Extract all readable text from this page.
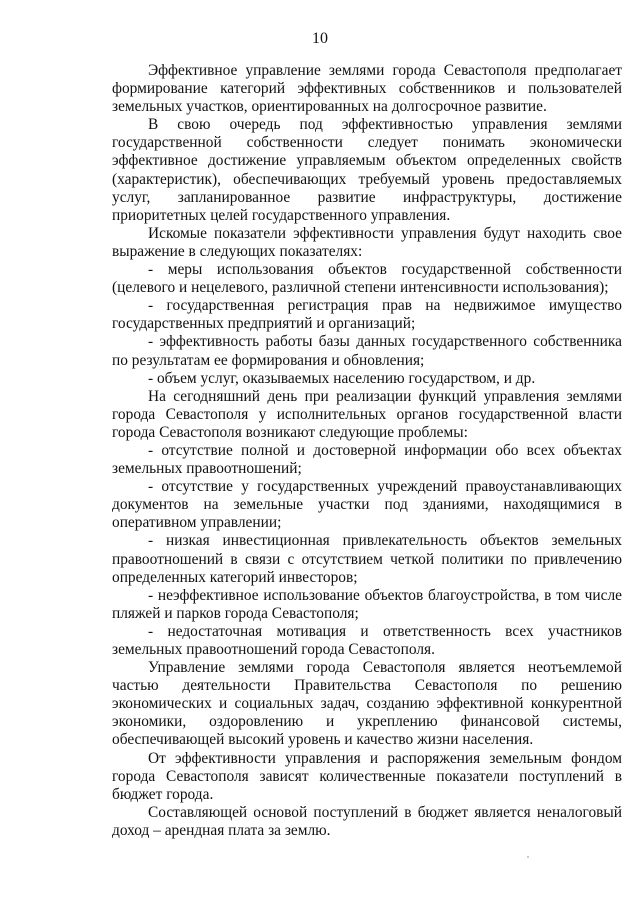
10

Эффективное управление землями города Севастополя предполагает формирование категорий эффективных собственников и пользователей земельных участков, ориентированных на долгосрочное развитие.

В свою очередь под эффективностью управления землями государственной собственности следует понимать экономически эффективное достижение управляемым объектом определенных свойств (характеристик), обеспечивающих требуемый уровень предоставляемых услуг, запланированное развитие инфраструктуры, достижение приоритетных целей государственного управления.

Искомые показатели эффективности управления будут находить свое выражение в следующих показателях:

- меры использования объектов государственной собственности (целевого и нецелевого, различной степени интенсивности использования);

- государственная регистрация прав на недвижимое имущество государственных предприятий и организаций;

- эффективность работы базы данных государственного собственника по результатам ее формирования и обновления;

- объем услуг, оказываемых населению государством, и др.

На сегодняшний день при реализации функций управления землями города Севастополя у исполнительных органов государственной власти города Севастополя возникают следующие проблемы:

- отсутствие полной и достоверной информации обо всех объектах земельных правоотношений;

- отсутствие у государственных учреждений правоустанавливающих документов на земельные участки под зданиями, находящимися в оперативном управлении;

- низкая инвестиционная привлекательность объектов земельных правоотношений в связи с отсутствием четкой политики по привлечению определенных категорий инвесторов;

- неэффективное использование объектов благоустройства, в том числе пляжей и парков города Севастополя;

- недостаточная мотивация и ответственность всех участников земельных правоотношений города Севастополя.

Управление землями города Севастополя является неотъемлемой частью деятельности Правительства Севастополя по решению экономических и социальных задач, созданию эффективной конкурентной экономики, оздоровлению и укреплению финансовой системы, обеспечивающей высокий уровень и качество жизни населения.

От эффективности управления и распоряжения земельным фондом города Севастополя зависят количественные показатели поступлений в бюджет города.

Составляющей основой поступлений в бюджет является неналоговый доход – арендная плата за землю.
